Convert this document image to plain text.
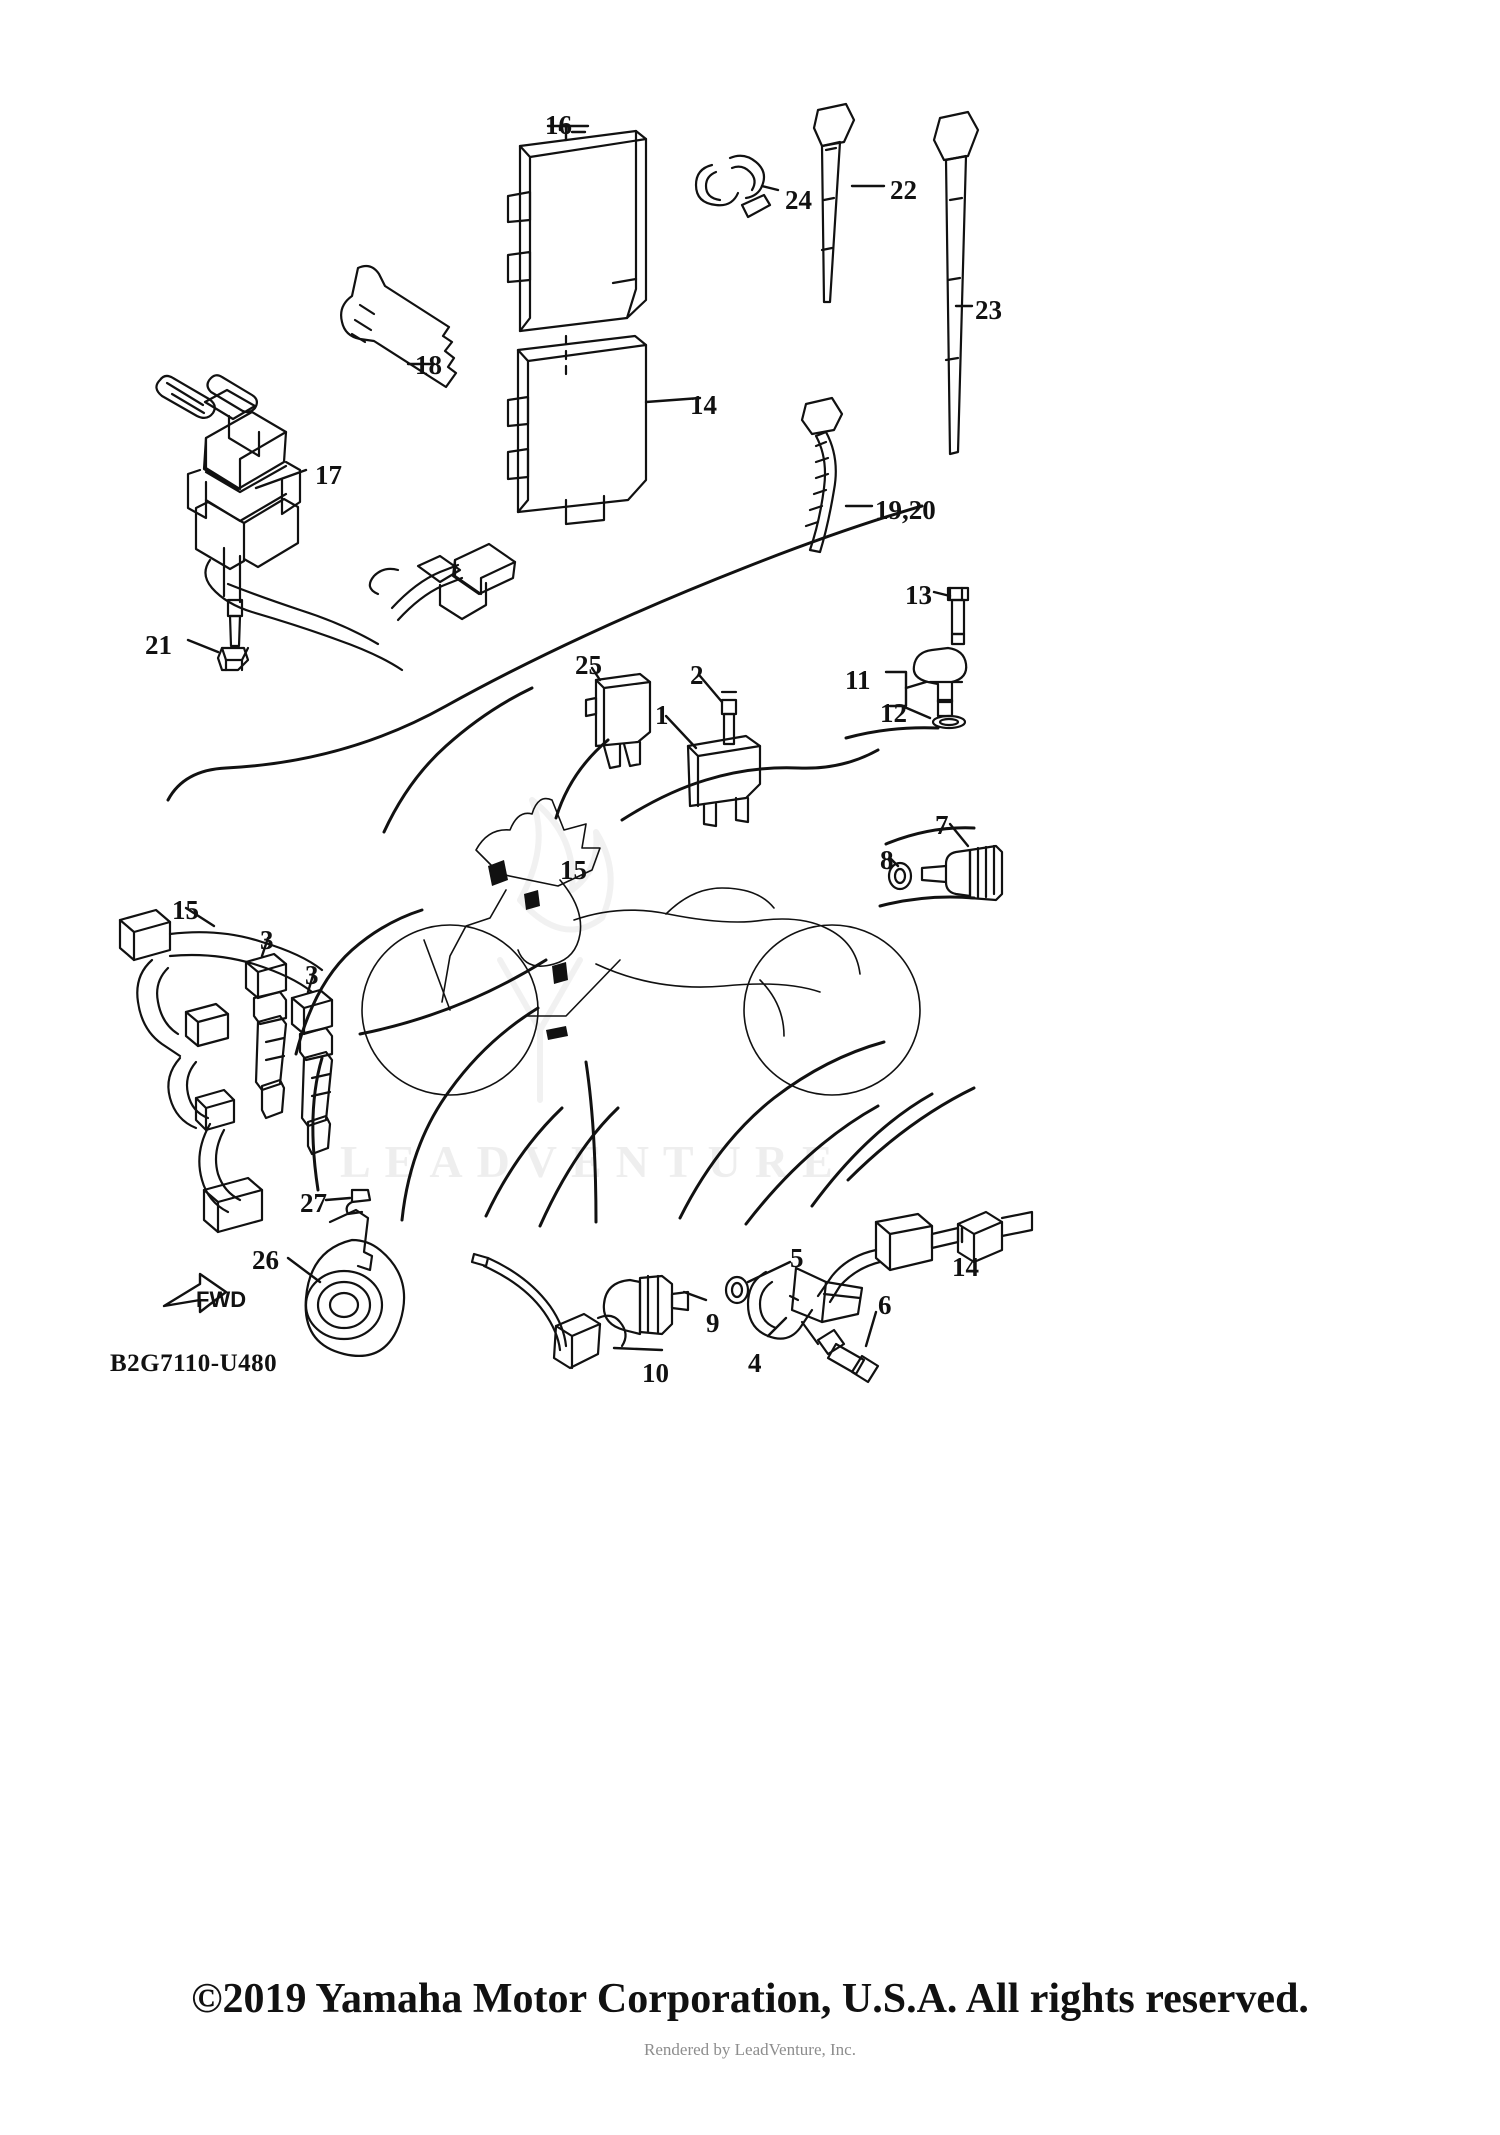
LEADVENTURE
16
24	22
23
18
14
17
19,20
13
11
12
21
25	2
1
7
8
15
15
3
3
27
26	5	14
9
6
4
10
FWD
B2G7110-U480
©2019 Yamaha Motor Corporation, U.S.A. All rights reserved.
Rendered by LeadVenture, Inc.
